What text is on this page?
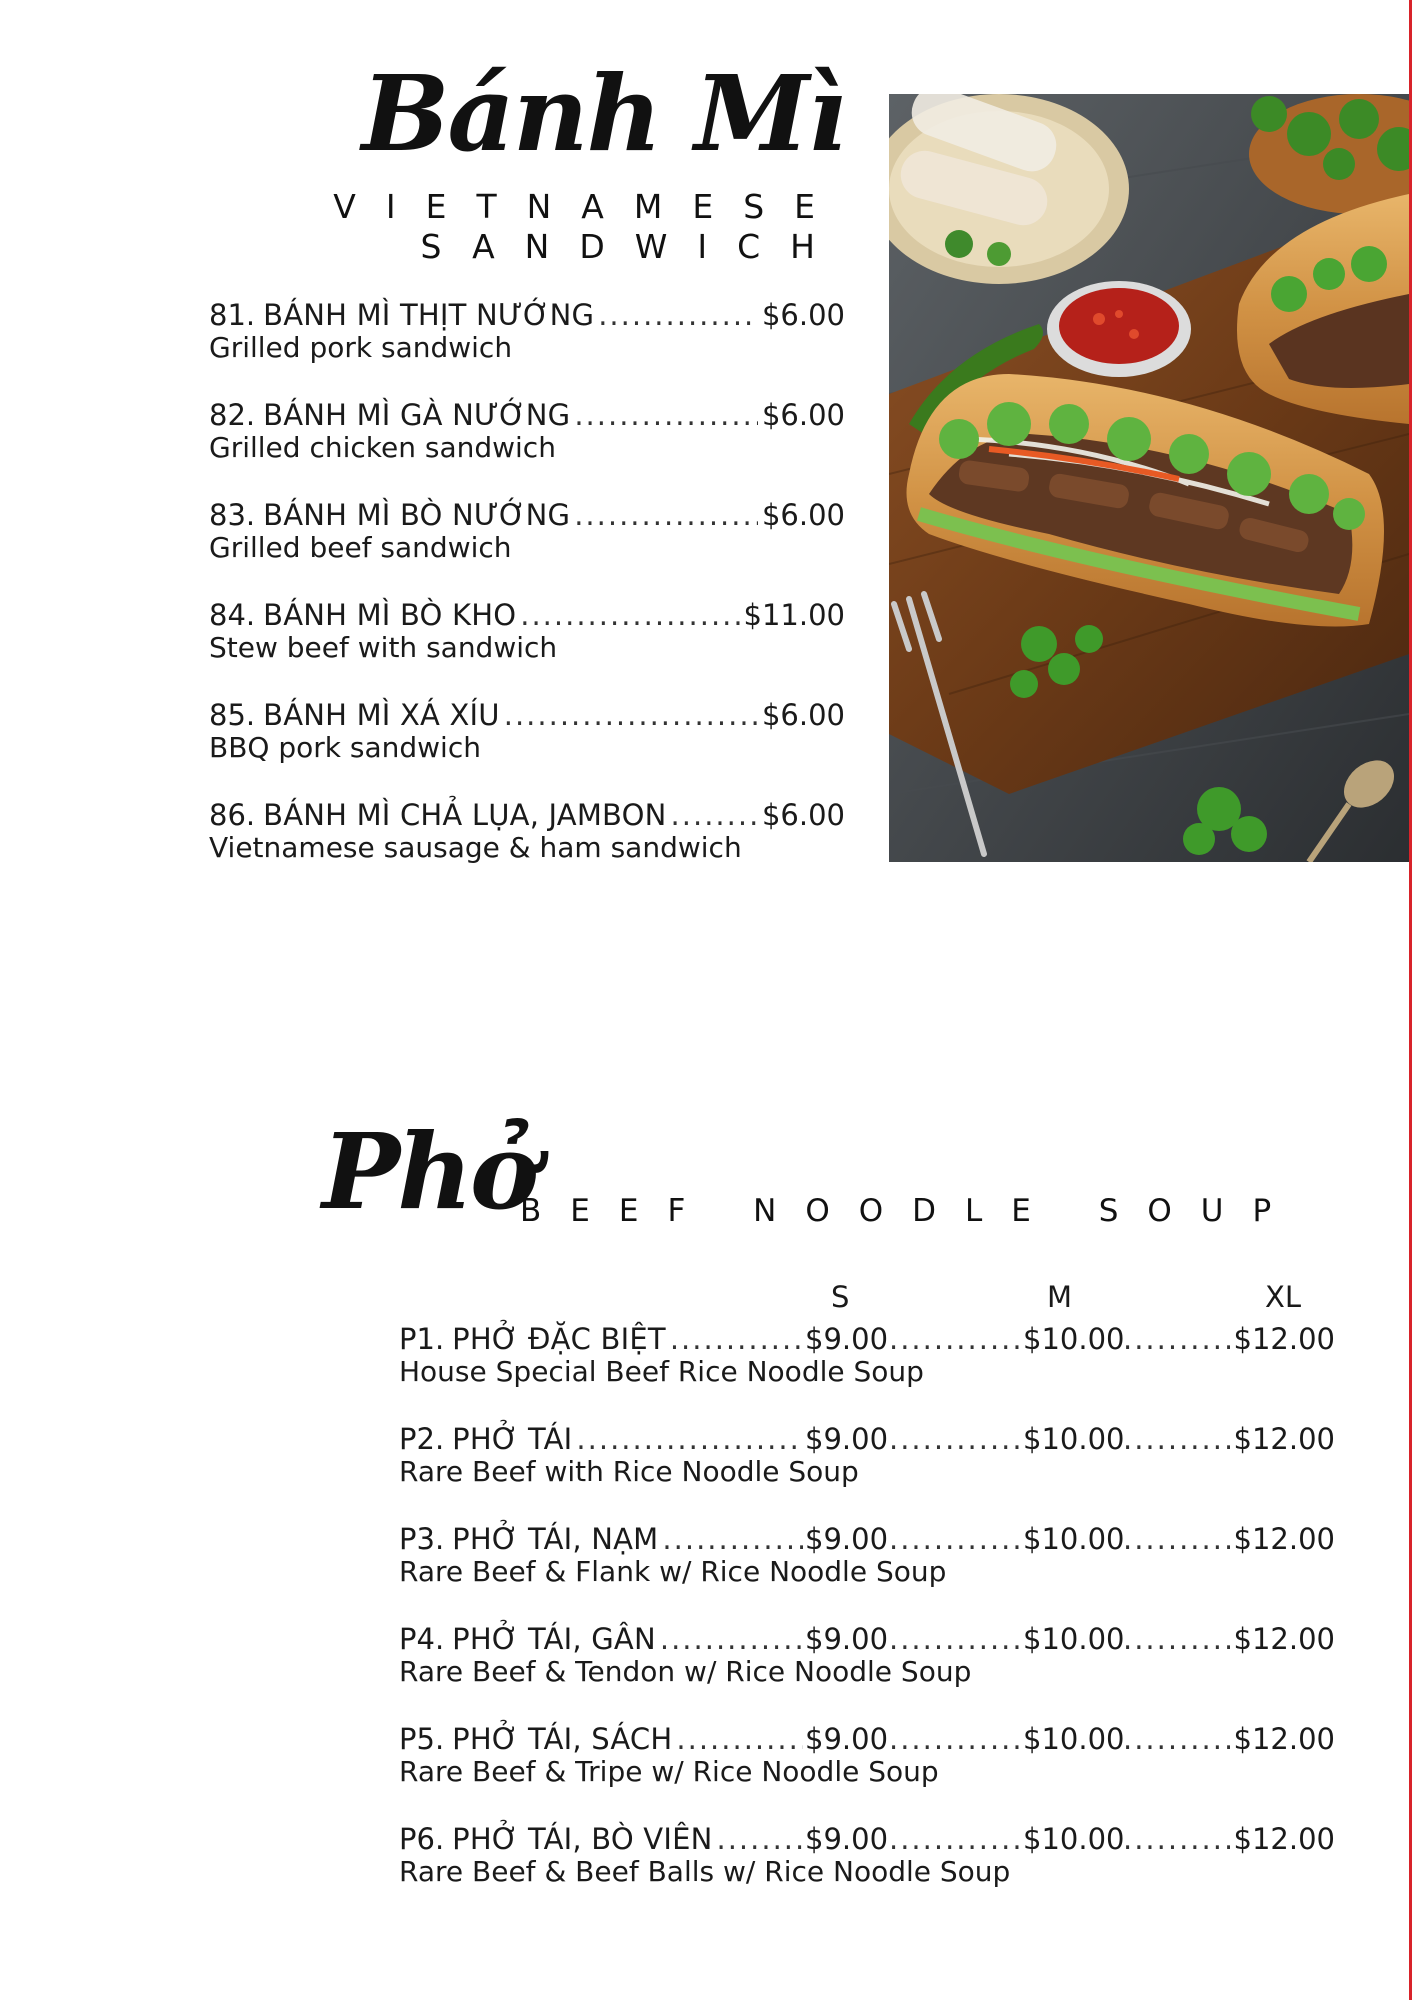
Bánh Mì
VIETNAMESE
SANDWICH
81. BÁNH MÌ THỊT NƯỚNG .....	$6.00
Grilled pork sandwich
82. BÁNH MÌ GÀ NƯỚNG .....	$6.00
Grilled chicken sandwich
83. BÁNH MÌ BÒ NƯỚNG .....	$6.00
Grilled beef sandwich
84. BÁNH MÌ BÒ KHO .....	$11.00
Stew beef with sandwich
85. BÁNH MÌ XÁ XÍU .....	$6.00
BBQ pork sandwich
86. BÁNH MÌ CHẢ LỤA, JAMBON .....	$6.00
Vietnamese sausage & ham sandwich
Phở
BEEF NOODLE SOUP
S	M	XL
P1. PHỞ ĐẶC BIỆT .....	$9.00 .....	$10.00 .....	$12.00
House Special Beef Rice Noodle Soup
P2. PHỞ TÁI .....	$9.00 .....	$10.00 .....	$12.00
Rare Beef with Rice Noodle Soup
P3. PHỞ TÁI, NẠM .....	$9.00 .....	$10.00 .....	$12.00
Rare Beef & Flank w/ Rice Noodle Soup
P4. PHỞ TÁI, GÂN .....	$9.00 .....	$10.00 .....	$12.00
Rare Beef & Tendon w/ Rice Noodle Soup
P5. PHỞ TÁI, SÁCH .....	$9.00 .....	$10.00 .....	$12.00
Rare Beef & Tripe w/ Rice Noodle Soup
P6. PHỞ TÁI, BÒ VIÊN .....	$9.00 .....	$10.00 .....	$12.00
Rare Beef & Beef Balls w/ Rice Noodle Soup
